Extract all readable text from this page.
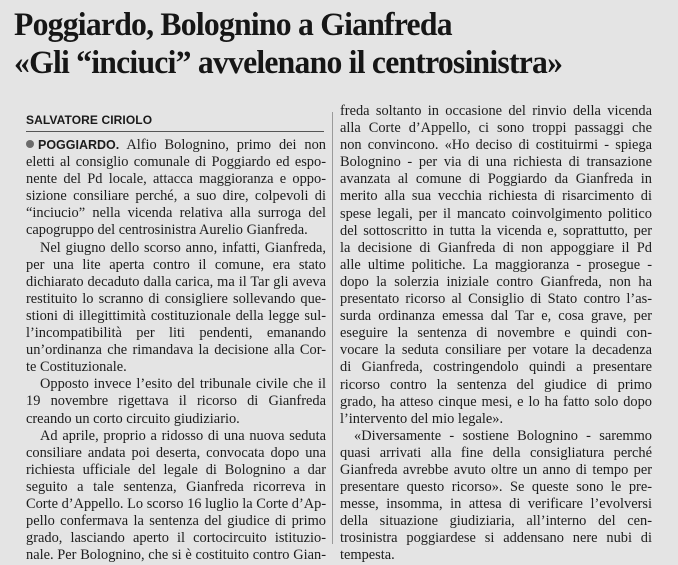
Poggiardo, Bolognino a Gianfreda
«Gli “inciuci” avvelenano il centrosinistra»
SALVATORE CIRIOLO
POGGIARDO. Alfio Bolognino, primo dei non
eletti al consiglio comunale di Poggiardo ed espo-
nente del Pd locale, attacca maggioranza e oppo-
sizione consiliare perché, a suo dire, colpevoli di
“inciucio” nella vicenda relativa alla surroga del
capogruppo del centrosinistra Aurelio Gianfreda.
Nel giugno dello scorso anno, infatti, Gianfreda,
per una lite aperta contro il comune, era stato
dichiarato decaduto dalla carica, ma il Tar gli aveva
restituito lo scranno di consigliere sollevando que-
stioni di illegittimità costituzionale della legge sul-
l’incompatibilità per liti pendenti, emanando
un’ordinanza che rimandava la decisione alla Cor-
te Costituzionale.
Opposto invece l’esito del tribunale civile che il
19 novembre rigettava il ricorso di Gianfreda
creando un corto circuito giudiziario.
Ad aprile, proprio a ridosso di una nuova seduta
consiliare andata poi deserta, convocata dopo una
richiesta ufficiale del legale di Bolognino a dar
seguito a tale sentenza, Gianfreda ricorreva in
Corte d’Appello. Lo scorso 16 luglio la Corte d’Ap-
pello confermava la sentenza del giudice di primo
grado, lasciando aperto il cortocircuito istituzio-
nale. Per Bolognino, che si è costituito contro Gian-
freda soltanto in occasione del rinvio della vicenda
alla Corte d’Appello, ci sono troppi passaggi che
non convincono. «Ho deciso di costituirmi - spiega
Bolognino - per via di una richiesta di transazione
avanzata al comune di Poggiardo da Gianfreda in
merito alla sua vecchia richiesta di risarcimento di
spese legali, per il mancato coinvolgimento politico
del sottoscritto in tutta la vicenda e, soprattutto, per
la decisione di Gianfreda di non appoggiare il Pd
alle ultime politiche. La maggioranza - prosegue -
dopo la solerzia iniziale contro Gianfreda, non ha
presentato ricorso al Consiglio di Stato contro l’as-
surda ordinanza emessa dal Tar e, cosa grave, per
eseguire la sentenza di novembre e quindi con-
vocare la seduta consiliare per votare la decadenza
di Gianfreda, costringendolo quindi a presentare
ricorso contro la sentenza del giudice di primo
grado, ha atteso cinque mesi, e lo ha fatto solo dopo
l’intervento del mio legale».
«Diversamente - sostiene Bolognino - saremmo
quasi arrivati alla fine della consigliatura perché
Gianfreda avrebbe avuto oltre un anno di tempo per
presentare questo ricorso». Se queste sono le pre-
messe, insomma, in attesa di verificare l’evolversi
della situazione giudiziaria, all’interno del cen-
trosinistra poggiardese si addensano nere nubi di
tempesta.
